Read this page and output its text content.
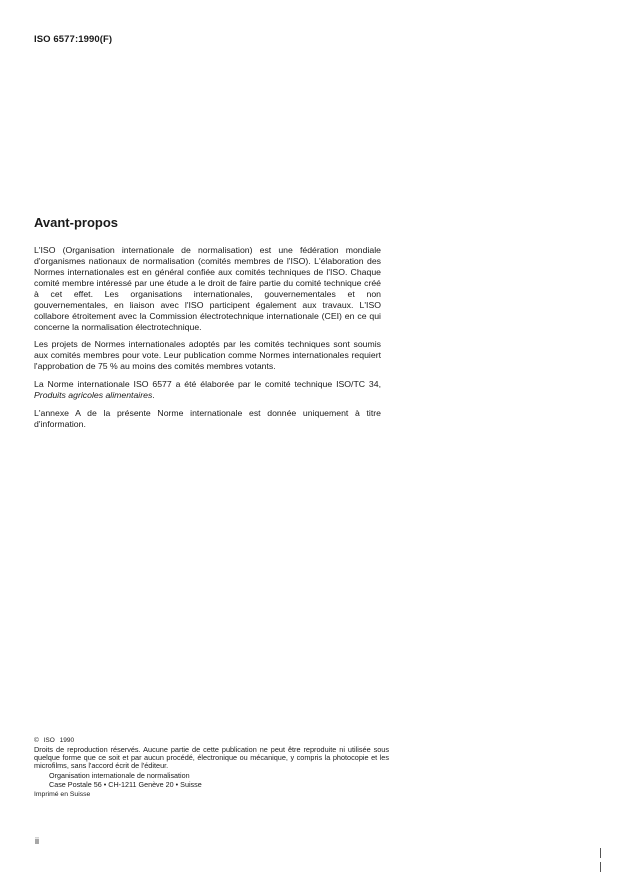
ISO 6577:1990(F)
Avant-propos

L'ISO (Organisation internationale de normalisation) est une fédération mondiale d'organismes nationaux de normalisation (comités membres de l'ISO). L'élaboration des Normes internationales est en général confiée aux comités techniques de l'ISO. Chaque comité membre intéressé par une étude a le droit de faire partie du comité technique créé à cet effet. Les organisations internationales, gouvernementales et non gouvernementales, en liaison avec l'ISO participent également aux travaux. L'ISO collabore étroitement avec la Commission électrotechnique internationale (CEI) en ce qui concerne la normalisation électrotechnique.

Les projets de Normes internationales adoptés par les comités techniques sont soumis aux comités membres pour vote. Leur publication comme Normes internationales requiert l'approbation de 75 % au moins des comités membres votants.

La Norme internationale ISO 6577 a été élaborée par le comité technique ISO/TC 34, Produits agricoles alimentaires.

L'annexe A de la présente Norme internationale est donnée uniquement à titre d'information.

© ISO 1990

Droits de reproduction réservés. Aucune partie de cette publication ne peut être reproduite ni utilisée sous quelque forme que ce soit et par aucun procédé, électronique ou mécanique, y compris la photocopie et les microfilms, sans l'accord écrit de l'éditeur.

Organisation internationale de normalisation
Case Postale 56 • CH-1211 Genève 20 • Suisse
Imprimé en Suisse
ii
